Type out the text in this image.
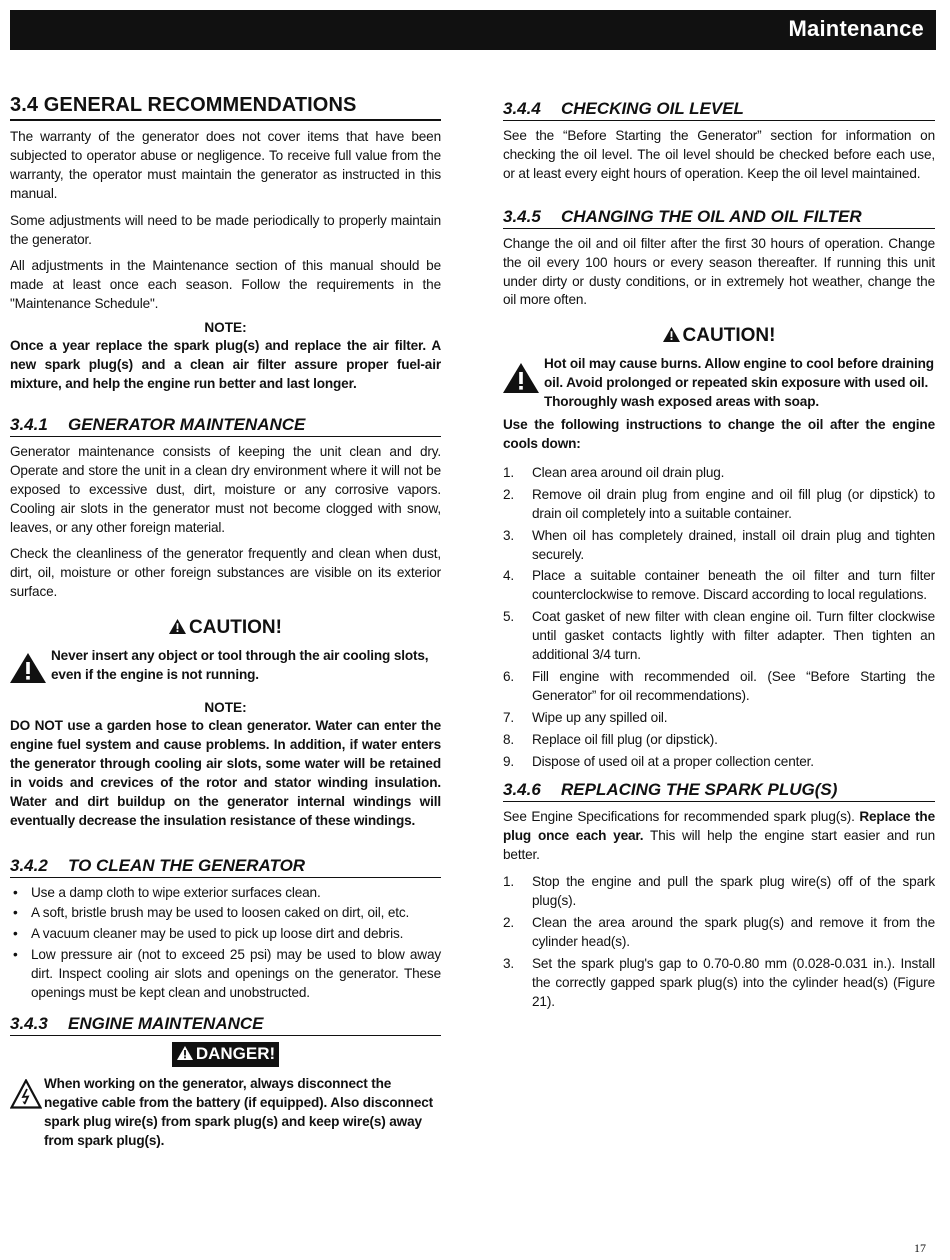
Maintenance
3.4 GENERAL RECOMMENDATIONS

The warranty of the generator does not cover items that have been subjected to operator abuse or negligence. To receive full value from the warranty, the operator must maintain the generator as instructed in this manual.

Some adjustments will need to be made periodically to properly maintain the generator.

All adjustments in the Maintenance section of this manual should be made at least once each season. Follow the requirements in the "Maintenance Schedule".

NOTE:

Once a year replace the spark plug(s) and replace the air filter. A new spark plug(s) and a clean air filter assure proper fuel-air mixture, and help the engine run better and last longer.

3.4.1 GENERATOR MAINTENANCE

Generator maintenance consists of keeping the unit clean and dry. Operate and store the unit in a clean dry environment where it will not be exposed to excessive dust, dirt, moisture or any corrosive vapors. Cooling air slots in the generator must not become clogged with snow, leaves, or any other foreign material.

Check the cleanliness of the generator frequently and clean when dust, dirt, oil, moisture or other foreign substances are visible on its exterior surface.

CAUTION!
Never insert any object or tool through the air cooling slots, even if the engine is not running.
NOTE:

DO NOT use a garden hose to clean generator. Water can enter the engine fuel system and cause problems. In addition, if water enters the generator through cooling air slots, some water will be retained in voids and crevices of the rotor and stator winding insulation. Water and dirt buildup on the generator internal windings will eventually decrease the insulation resistance of these windings.

3.4.2 TO CLEAN THE GENERATOR
• Use a damp cloth to wipe exterior surfaces clean.
• A soft, bristle brush may be used to loosen caked on dirt, oil, etc.
• A vacuum cleaner may be used to pick up loose dirt and debris.
• Low pressure air (not to exceed 25 psi) may be used to blow away dirt. Inspect cooling air slots and openings on the generator. These openings must be kept clean and unobstructed.
3.4.3 ENGINE MAINTENANCE
DANGER!
When working on the generator, always disconnect the negative cable from the battery (if equipped). Also disconnect spark plug wire(s) from spark plug(s) and keep wire(s) away from spark plug(s).
3.4.4 CHECKING OIL LEVEL

See the “Before Starting the Generator” section for information on checking the oil level. The oil level should be checked before each use, or at least every eight hours of operation. Keep the oil level maintained.

3.4.5 CHANGING THE OIL AND OIL FILTER

Change the oil and oil filter after the first 30 hours of operation. Change the oil every 100 hours or every season thereafter. If running this unit under dirty or dusty conditions, or in extremely hot weather, change the oil more often.

CAUTION!
Hot oil may cause burns. Allow engine to cool before draining oil. Avoid prolonged or repeated skin exposure with used oil. Thoroughly wash exposed areas with soap.

Use the following instructions to change the oil after the engine cools down:

1.	Clean area around oil drain plug.
2.	Remove oil drain plug from engine and oil fill plug (or dipstick) to drain oil completely into a suitable container.
3.	When oil has completely drained, install oil drain plug and tighten securely.
4.	Place a suitable container beneath the oil filter and turn filter counterclockwise to remove. Discard according to local regulations.
5.	Coat gasket of new filter with clean engine oil. Turn filter clockwise until gasket contacts lightly with filter adapter. Then tighten an additional 3/4 turn.
6.	Fill engine with recommended oil. (See “Before Starting the Generator” for oil recommendations).
7.	Wipe up any spilled oil.
8.	Replace oil fill plug (or dipstick).
9.	Dispose of used oil at a proper collection center.
3.4.6 REPLACING THE SPARK PLUG(S)

See Engine Specifications for recommended spark plug(s). Replace the plug once each year. This will help the engine start easier and run better.

1.	Stop the engine and pull the spark plug wire(s) off of the spark plug(s).
2.	Clean the area around the spark plug(s) and remove it from the cylinder head(s).
3.	Set the spark plug's gap to 0.70-0.80 mm (0.028-0.031 in.). Install the correctly gapped spark plug(s) into the cylinder head(s) (Figure 21).
17
